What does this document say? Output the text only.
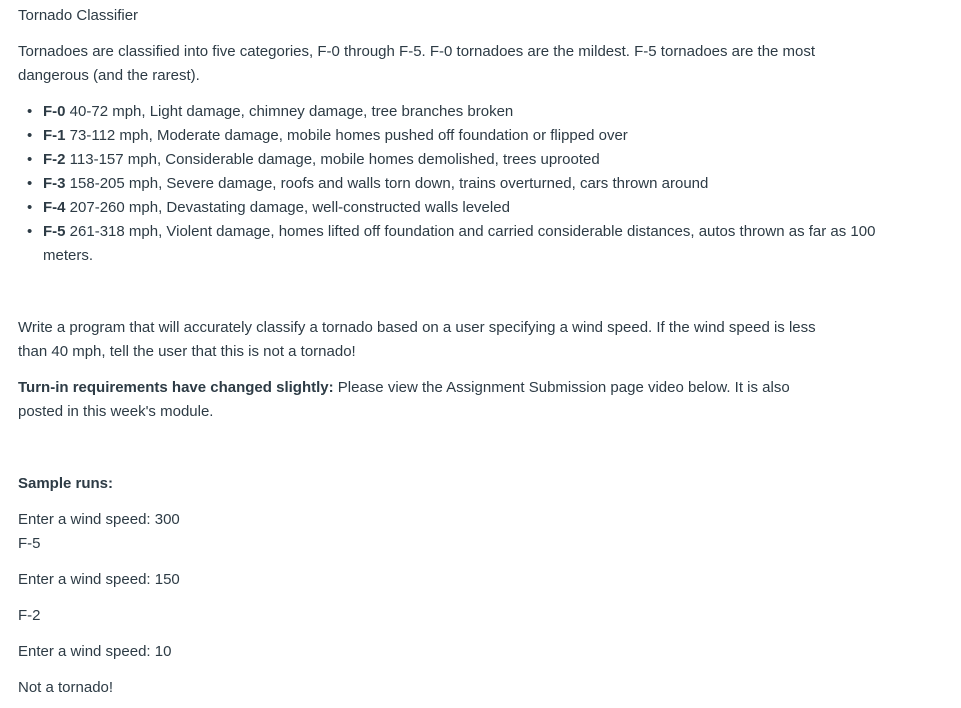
Tornado Classifier

Tornadoes are classified into five categories, F-0 through F-5. F-0 tornadoes are the mildest. F-5 tornadoes are the most dangerous (and the rarest).

• F-0 40-72 mph, Light damage, chimney damage, tree branches broken
• F-1 73-112 mph, Moderate damage, mobile homes pushed off foundation or flipped over
• F-2 113-157 mph, Considerable damage, mobile homes demolished, trees uprooted
• F-3 158-205 mph, Severe damage, roofs and walls torn down, trains overturned, cars thrown around
• F-4 207-260 mph, Devastating damage, well-constructed walls leveled
• F-5 261-318 mph, Violent damage, homes lifted off foundation and carried considerable distances, autos thrown as far as 100 meters.

Write a program that will accurately classify a tornado based on a user specifying a wind speed. If the wind speed is less than 40 mph, tell the user that this is not a tornado!

Turn-in requirements have changed slightly: Please view the Assignment Submission page video below. It is also posted in this week's module.

Sample runs:

Enter a wind speed: 300

F-5

Enter a wind speed: 150

F-2

Enter a wind speed: 10

Not a tornado!
